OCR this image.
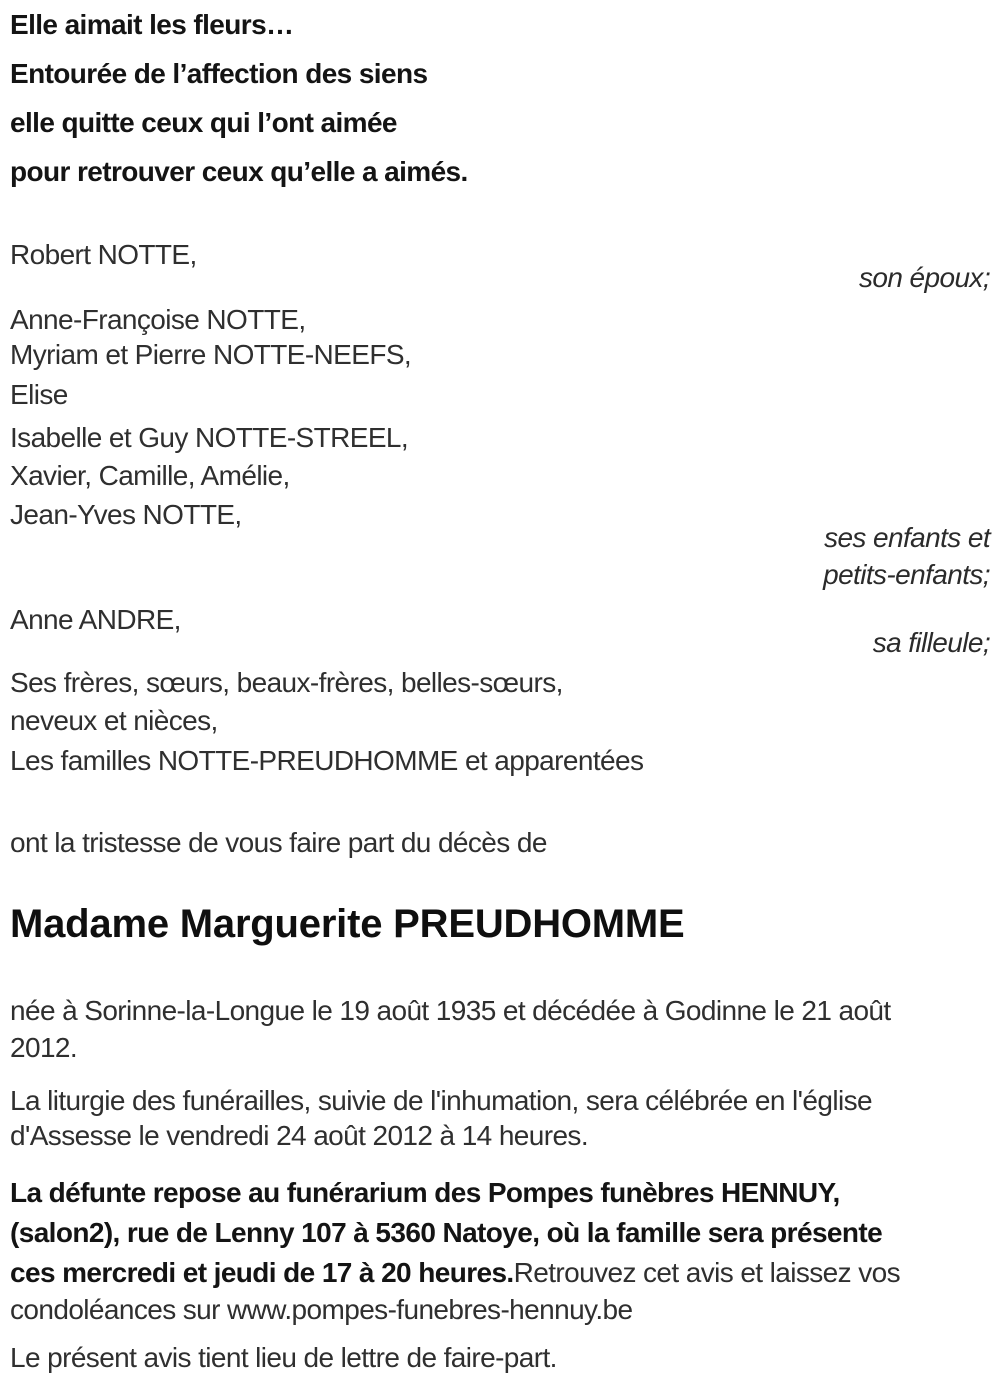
Elle aimait les fleurs…
Entourée de l’affection des siens
elle quitte ceux qui l’ont aimée
pour retrouver ceux qu’elle a aimés.
Robert NOTTE,
son époux;
Anne-Françoise NOTTE,
Myriam et Pierre NOTTE-NEEFS,
Elise
Isabelle et Guy NOTTE-STREEL,
Xavier, Camille, Amélie,
Jean-Yves NOTTE,
ses enfants et
petits-enfants;
Anne ANDRE,
sa filleule;
Ses frères, sœurs, beaux-frères, belles-sœurs,
neveux et nièces,
Les familles NOTTE-PREUDHOMME et apparentées
ont la tristesse de vous faire part du décès de
Madame Marguerite PREUDHOMME
née à Sorinne-la-Longue le 19 août 1935 et décédée à Godinne le 21 août
2012.
La liturgie des funérailles, suivie de l'inhumation, sera célébrée en l'église
d'Assesse le vendredi 24 août 2012 à 14 heures.
La défunte repose au funérarium des Pompes funèbres HENNUY,
(salon2), rue de Lenny 107 à 5360 Natoye, où la famille sera présente
ces mercredi et jeudi de 17 à 20 heures.Retrouvez cet avis et laissez vos
condoléances sur www.pompes-funebres-hennuy.be
Le présent avis tient lieu de lettre de faire-part.
